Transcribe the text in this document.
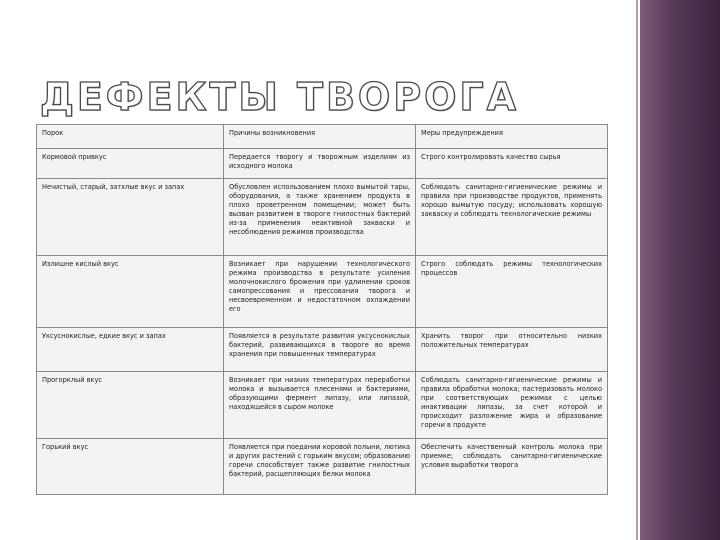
ДЕФЕКТЫ ТВОРОГА
Порок	Причины возникновения	Меры предупреждения
Кормовой привкус	Передается творогу и творожным изделиям из исходного молока	Строго контролировать качество сырья
Нечистый, старый, затхлые вкус и запах	Обусловлен использованием плохо вымытой тары, оборудования, а также хранением продукта в плохо проветренном помещении; может быть вызван развитием в твороге гнилостных бактерий из-за применения неактивной закваски и несоблюдения режимов производства	Соблюдать санитарно-гигиенические режимы и правила при производстве продуктов, применять хорошо вымытую посуду; использовать хорошую закваску и соблюдать технологические режимы
Излишне кислый вкус	Возникает при нарушении технологического режима производства в результате усиления молочнокислого брожения при удлинении сроков самопрессования и прессования творога и несвоевременном и недостаточном охлаждении его	Строго соблюдать режимы технологических процессов
Уксуснокислые, едкие вкус и запах	Появляется в результате развития уксуснокислых бактерий, развивающихся в твороге во время хранения при повышенных температурах	Хранить творог при относительно низких положительных температурах
Прогорклый вкус	Возникает при низких температурах переработки молока и вызывается плесенями и бактериями, образующими фермент липазу, или липазой, находящейся в сыром молоке	Соблюдать санитарно-гигиенические режимы и правила обработки молока; пастеризовать молоко при соответствующих режимах с целью инактивации липазы, за счет которой и происходит разложение жира и образование горечи в продукте
Горький вкус	Появляется при поедании коровой полыни, лютика и других растений с горьким вкусом; образованию горечи способствует также развитие гнилостных бактерий, расщепляющих белки молока	Обеспечить качественный контроль молока при приемке; соблюдать санитарно-гигиенические условия выработки творога
